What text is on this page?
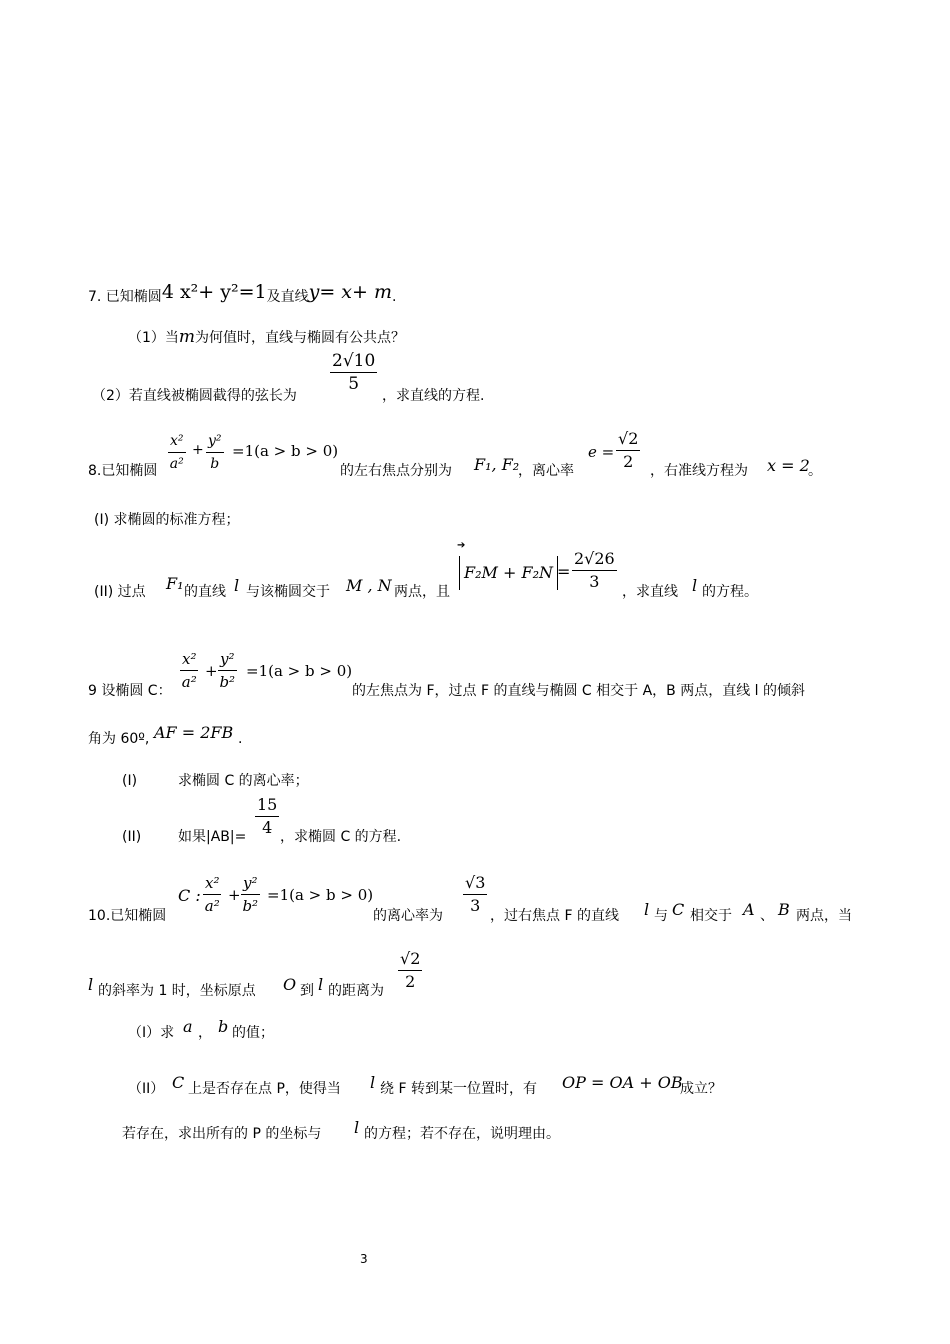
7. 已知椭圆4 x²+ y²=1及直线y= x+ m.
（1）当m为何值时，直线与椭圆有公共点？
（2）若直线被椭圆截得的弦长为
$\frac{2√10}{5}$
，求直线的方程.
8.已知椭圆 $\frac{\text{x²}}{\text{a²}} + \frac{\text{y²}}{b} =1(a > b > 0)$
的左右焦点分别为 F₁, F₂
，离心率
$e = \frac{√2}{2}$ ，右准线方程为 x = 2
。
(I) 求椭圆的标准方程；
(II) 过点 F₁ 的直线 l 与该椭圆交于 M , N 两点，且
➔
$F_2M + F_2N = \frac{2√26}{3}$ ，求直线 l 的方程。
9 设椭圆 C： $\frac{\text{x²}}{\text{a²}} + \frac{\text{y²}}{\text{b²}} =1(a > b > 0)$
的左焦点为 F，过点 F 的直线与椭圆 C 相交于 A，B 两点，直线 l 的倾斜
角为 60º, AF = 2FB .
(I)	求椭圆 C 的离心率；
(II)	如果$|AB|= \frac{15}{4}$ ，求椭圆 C 的方程.
10.已知椭圆
C : $\frac{\text{x²}}{\text{a²}} + \frac{\text{y²}}{\text{b²}} =1(a > b > 0)$
的离心率为 $\frac{√3}{3}$ ，过右焦点 F 的直线 l 与 C 相交于 A 、 B 两点，当
l 的斜率为 1 时，坐标原点 O 到 l 的距离为 $\frac{√2}{2}$
（I）求 a ， b 的值；
（II） C 上是否存在点 P，使得当 l 绕 F 转到某一位置时，有 OP = OA + OB
成立？
若存在，求出所有的 P 的坐标与 l 的方程；若不存在，说明理由。
3
